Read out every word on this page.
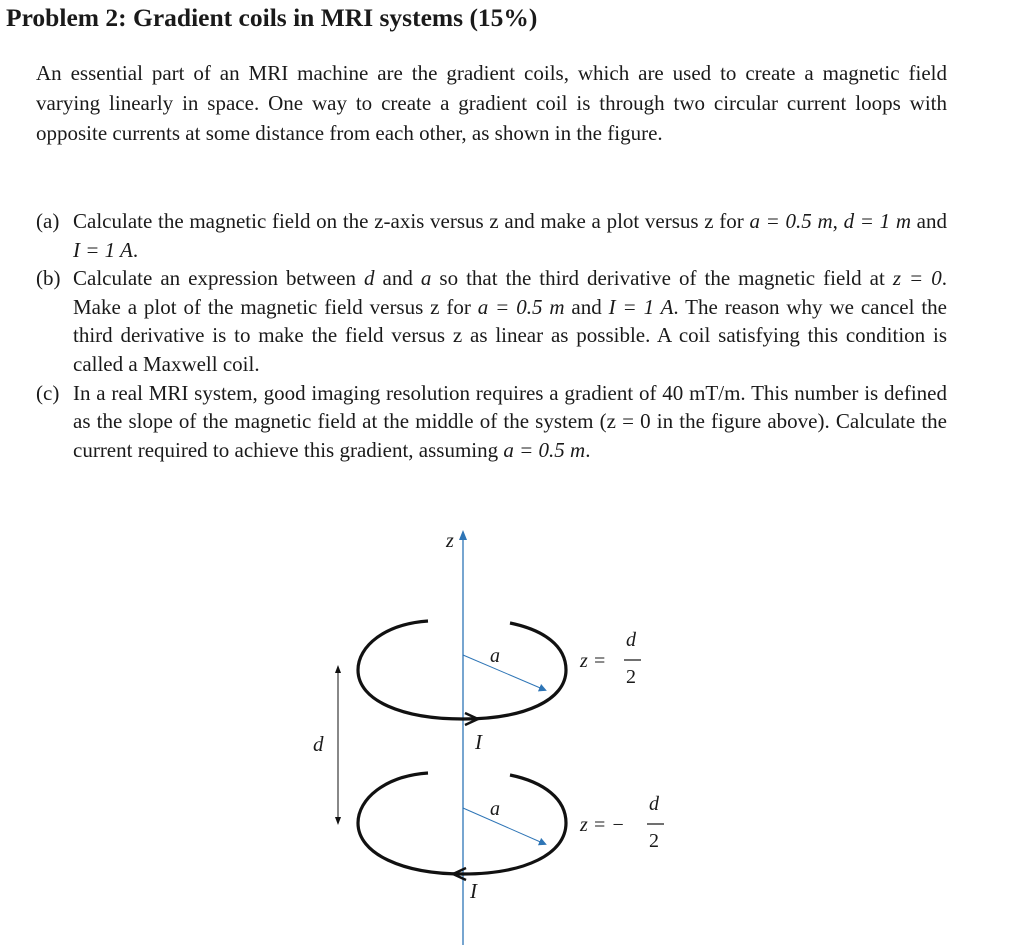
Problem 2: Gradient coils in MRI systems (15%)

An essential part of an MRI machine are the gradient coils, which are used to create a magnetic field varying linearly in space. One way to create a gradient coil is through two circular current loops with opposite currents at some distance from each other, as shown in the figure.

(a) Calculate the magnetic field on the z-axis versus z and make a plot versus z for a = 0.5 m, d = 1 m and I = 1 A.
(b) Calculate an expression between d and a so that the third derivative of the magnetic field at z = 0. Make a plot of the magnetic field versus z for a = 0.5 m and I = 1 A. The reason why we cancel the third derivative is to make the field versus z as linear as possible. A coil satisfying this condition is called a Maxwell coil.
(c) In a real MRI system, good imaging resolution requires a gradient of 40 mT/m. This number is defined as the slope of the magnetic field at the middle of the system (z = 0 in the figure above). Calculate the current required to achieve this gradient, assuming a = 0.5 m.
z
a	z =
d
2
d	I
a
z = −
d
2
I
